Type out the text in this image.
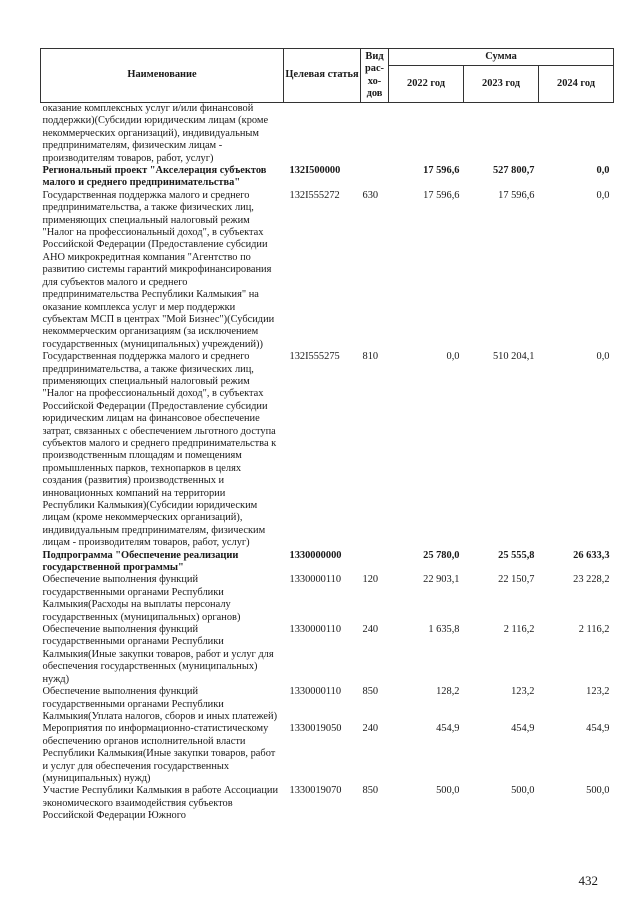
Наименование	Целевая статья	Вид рас-хо-дов	Сумма		
			2022 год	2023 год	2024 год
оказание комплексных услуг и/или финансовой поддержки)(Субсидии юридическим лицам (кроме некоммерческих организаций), индивидуальным предпринимателям, физическим лицам - производителям товаров, работ, услуг)					
Региональный проект "Акселерация субъектов малого и среднего предпринимательства"	132I500000		17 596,6	527 800,7	0,0
Государственная поддержка малого и среднего предпринимательства, а также физических лиц, применяющих специальный налоговый режим "Налог на профессиональный доход", в субъектах Российской Федерации (Предоставление субсидии АНО микрокредитная компания "Агентство по развитию системы гарантий микрофинансирования для субъектов малого и среднего предпринимательства Республики Калмыкия" на оказание комплекса услуг и мер поддержки субъектам МСП в центрах "Мой Бизнес")(Субсидии некоммерческим организациям (за исключением государственных (муниципальных) учреждений))	132I555272	630	17 596,6	17 596,6	0,0
Государственная поддержка малого и среднего предпринимательства, а также физических лиц, применяющих специальный налоговый режим "Налог на профессиональный доход", в субъектах Российской Федерации (Предоставление субсидии юридическим лицам на финансовое обеспечение затрат, связанных с обеспечением льготного доступа субъектов малого и среднего предпринимательства к производственным площадям и помещениям промышленных парков, технопарков в целях создания (развития) производственных и инновационных компаний на территории Республики Калмыкия)(Субсидии юридическим лицам (кроме некоммерческих организаций), индивидуальным предпринимателям, физическим лицам - производителям товаров, работ, услуг)	132I555275	810	0,0	510 204,1	0,0
Подпрограмма "Обеспечение реализации государственной программы"	1330000000		25 780,0	25 555,8	26 633,3
Обеспечение выполнения функций государственными органами Республики Калмыкия(Расходы на выплаты персоналу государственных (муниципальных) органов)	1330000110	120	22 903,1	22 150,7	23 228,2
Обеспечение выполнения функций государственными органами Республики Калмыкия(Иные закупки товаров, работ и услуг для обеспечения государственных (муниципальных) нужд)	1330000110	240	1 635,8	2 116,2	2 116,2
Обеспечение выполнения функций государственными органами Республики Калмыкия(Уплата налогов, сборов и иных платежей)	1330000110	850	128,2	123,2	123,2
Мероприятия по информационно-статистическому обеспечению органов исполнительной власти Республики Калмыкия(Иные закупки товаров, работ и услуг для обеспечения государственных (муниципальных) нужд)	1330019050	240	454,9	454,9	454,9
Участие Республики Калмыкия в работе Ассоциации экономического взаимодействия субъектов Российской Федерации Южного	1330019070	850	500,0	500,0	500,0
432
